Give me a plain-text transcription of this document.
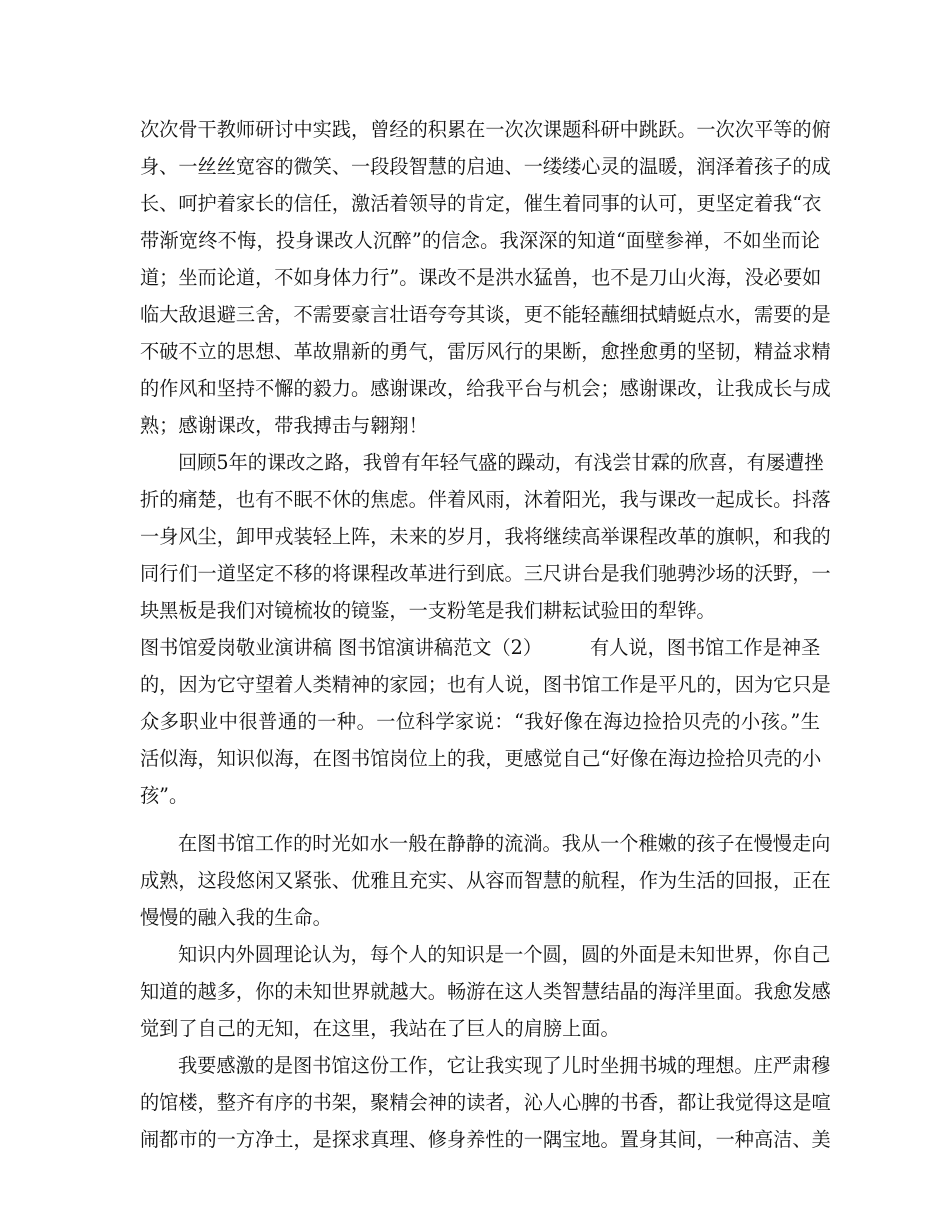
次次骨干教师研讨中实践，曾经的积累在一次次课题科研中跳跃。一次次平等的俯
身、一丝丝宽容的微笑、一段段智慧的启迪、一缕缕心灵的温暖，润泽着孩子的成
长、呵护着家长的信任，激活着领导的肯定，催生着同事的认可，更坚定着我“衣
带渐宽终不悔，投身课改人沉醉”的信念。我深深的知道“面壁参禅，不如坐而论
道；坐而论道，不如身体力行”。课改不是洪水猛兽，也不是刀山火海，没必要如
临大敌退避三舍，不需要豪言壮语夸夸其谈，更不能轻蘸细拭蜻蜓点水，需要的是
不破不立的思想、革故鼎新的勇气，雷厉风行的果断，愈挫愈勇的坚韧，精益求精
的作风和坚持不懈的毅力。感谢课改，给我平台与机会；感谢课改，让我成长与成
熟；感谢课改，带我搏击与翱翔！
回顾5年的课改之路，我曾有年轻气盛的躁动，有浅尝甘霖的欣喜，有屡遭挫
折的痛楚，也有不眠不休的焦虑。伴着风雨，沐着阳光，我与课改一起成长。抖落
一身风尘，卸甲戎装轻上阵，未来的岁月，我将继续高举课程改革的旗帜，和我的
同行们一道坚定不移的将课程改革进行到底。三尺讲台是我们驰骋沙场的沃野，一
块黑板是我们对镜梳妆的镜鉴，一支粉笔是我们耕耘试验田的犁铧。
图书馆爱岗敬业演讲稿 图书馆演讲稿范文（2）　　　有人说，图书馆工作是神圣
的，因为它守望着人类精神的家园；也有人说，图书馆工作是平凡的，因为它只是
众多职业中很普通的一种。一位科学家说：“我好像在海边捡拾贝壳的小孩。”生
活似海，知识似海，在图书馆岗位上的我，更感觉自己“好像在海边捡拾贝壳的小
孩”。
在图书馆工作的时光如水一般在静静的流淌。我从一个稚嫩的孩子在慢慢走向
成熟，这段悠闲又紧张、优雅且充实、从容而智慧的航程，作为生活的回报，正在
慢慢的融入我的生命。
知识内外圆理论认为，每个人的知识是一个圆，圆的外面是未知世界，你自己
知道的越多，你的未知世界就越大。畅游在这人类智慧结晶的海洋里面。我愈发感
觉到了自己的无知，在这里，我站在了巨人的肩膀上面。
我要感激的是图书馆这份工作，它让我实现了儿时坐拥书城的理想。庄严肃穆
的馆楼，整齐有序的书架，聚精会神的读者，沁人心脾的书香，都让我觉得这是喧
闹都市的一方净土，是探求真理、修身养性的一隅宝地。置身其间，一种高洁、美
